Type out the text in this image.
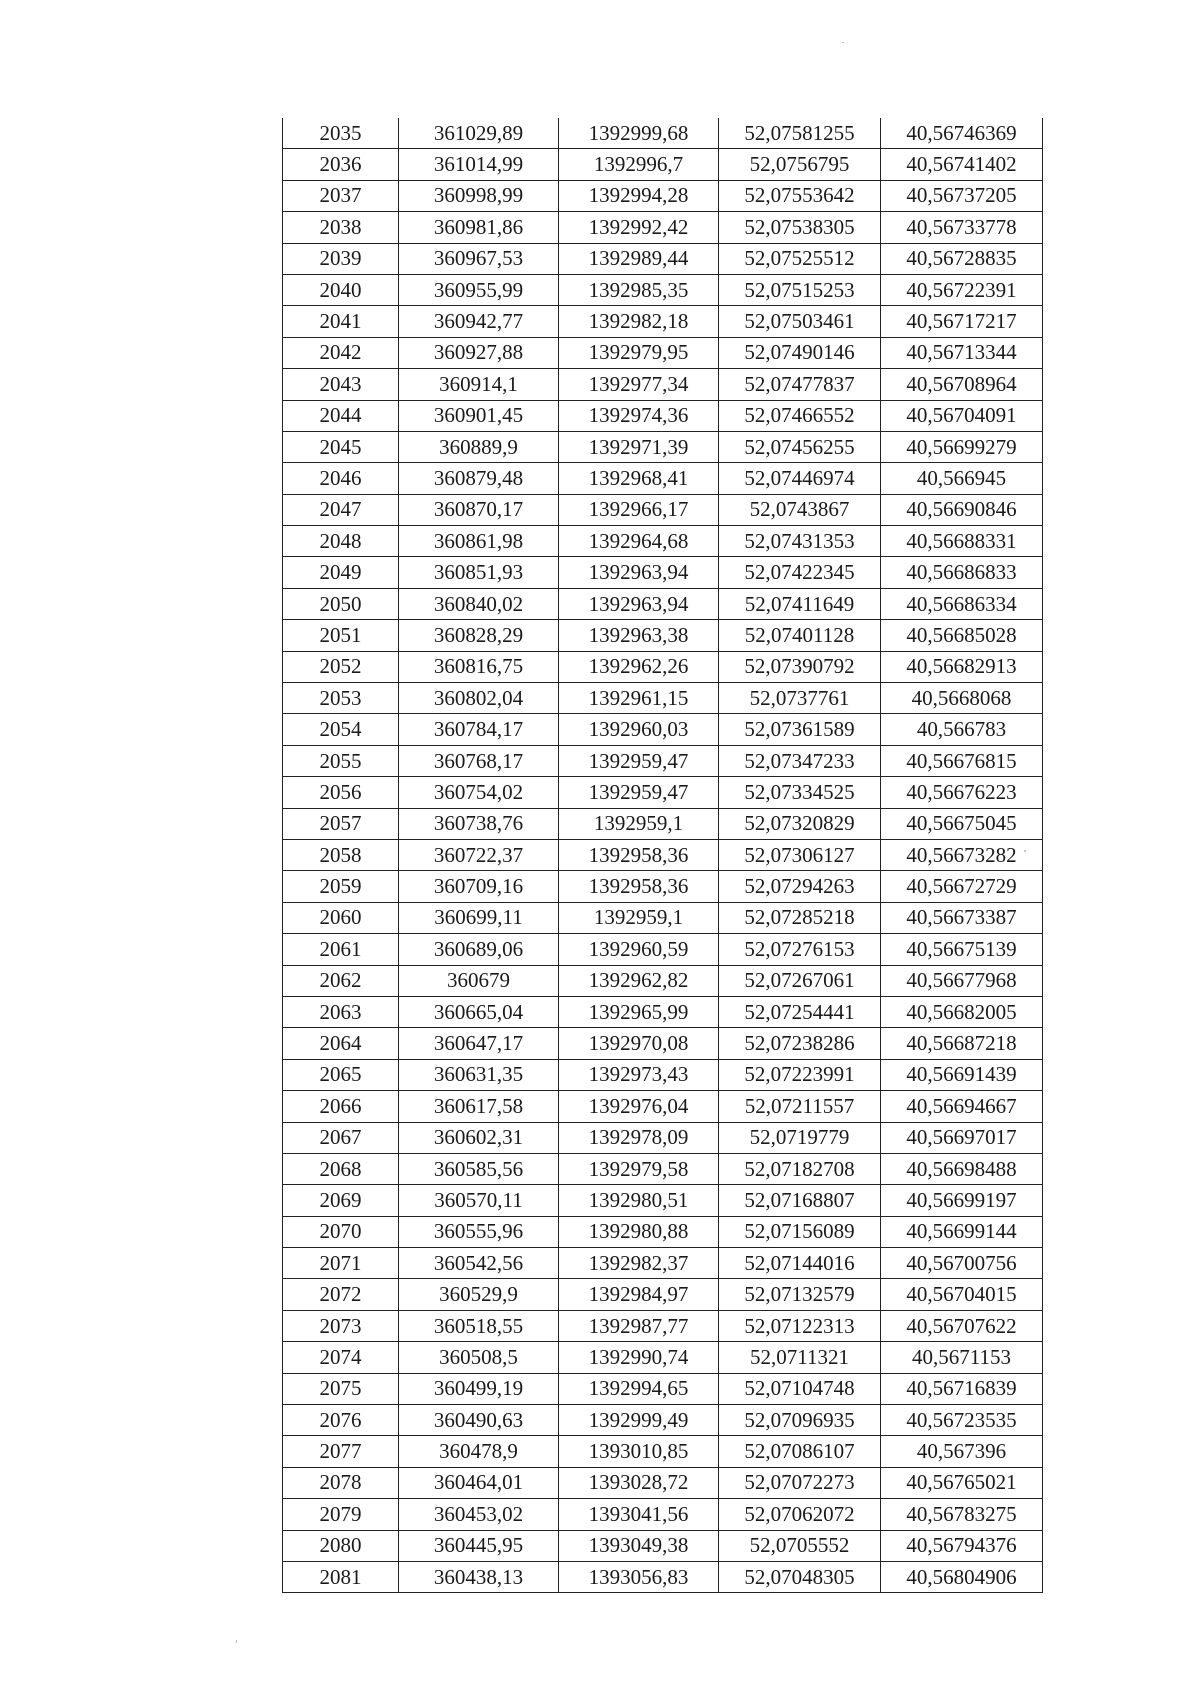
2035	361029,89	1392999,68	52,07581255	40,56746369
2036	361014,99	1392996,7	52,0756795	40,56741402
2037	360998,99	1392994,28	52,07553642	40,56737205
2038	360981,86	1392992,42	52,07538305	40,56733778
2039	360967,53	1392989,44	52,07525512	40,56728835
2040	360955,99	1392985,35	52,07515253	40,56722391
2041	360942,77	1392982,18	52,07503461	40,56717217
2042	360927,88	1392979,95	52,07490146	40,56713344
2043	360914,1	1392977,34	52,07477837	40,56708964
2044	360901,45	1392974,36	52,07466552	40,56704091
2045	360889,9	1392971,39	52,07456255	40,56699279
2046	360879,48	1392968,41	52,07446974	40,566945
2047	360870,17	1392966,17	52,0743867	40,56690846
2048	360861,98	1392964,68	52,07431353	40,56688331
2049	360851,93	1392963,94	52,07422345	40,56686833
2050	360840,02	1392963,94	52,07411649	40,56686334
2051	360828,29	1392963,38	52,07401128	40,56685028
2052	360816,75	1392962,26	52,07390792	40,56682913
2053	360802,04	1392961,15	52,0737761	40,5668068
2054	360784,17	1392960,03	52,07361589	40,566783
2055	360768,17	1392959,47	52,07347233	40,56676815
2056	360754,02	1392959,47	52,07334525	40,56676223
2057	360738,76	1392959,1	52,07320829	40,56675045
2058	360722,37	1392958,36	52,07306127	40,56673282
2059	360709,16	1392958,36	52,07294263	40,56672729
2060	360699,11	1392959,1	52,07285218	40,56673387
2061	360689,06	1392960,59	52,07276153	40,56675139
2062	360679	1392962,82	52,07267061	40,56677968
2063	360665,04	1392965,99	52,07254441	40,56682005
2064	360647,17	1392970,08	52,07238286	40,56687218
2065	360631,35	1392973,43	52,07223991	40,56691439
2066	360617,58	1392976,04	52,07211557	40,56694667
2067	360602,31	1392978,09	52,0719779	40,56697017
2068	360585,56	1392979,58	52,07182708	40,56698488
2069	360570,11	1392980,51	52,07168807	40,56699197
2070	360555,96	1392980,88	52,07156089	40,56699144
2071	360542,56	1392982,37	52,07144016	40,56700756
2072	360529,9	1392984,97	52,07132579	40,56704015
2073	360518,55	1392987,77	52,07122313	40,56707622
2074	360508,5	1392990,74	52,0711321	40,5671153
2075	360499,19	1392994,65	52,07104748	40,56716839
2076	360490,63	1392999,49	52,07096935	40,56723535
2077	360478,9	1393010,85	52,07086107	40,567396
2078	360464,01	1393028,72	52,07072273	40,56765021
2079	360453,02	1393041,56	52,07062072	40,56783275
2080	360445,95	1393049,38	52,0705552	40,56794376
2081	360438,13	1393056,83	52,07048305	40,56804906
